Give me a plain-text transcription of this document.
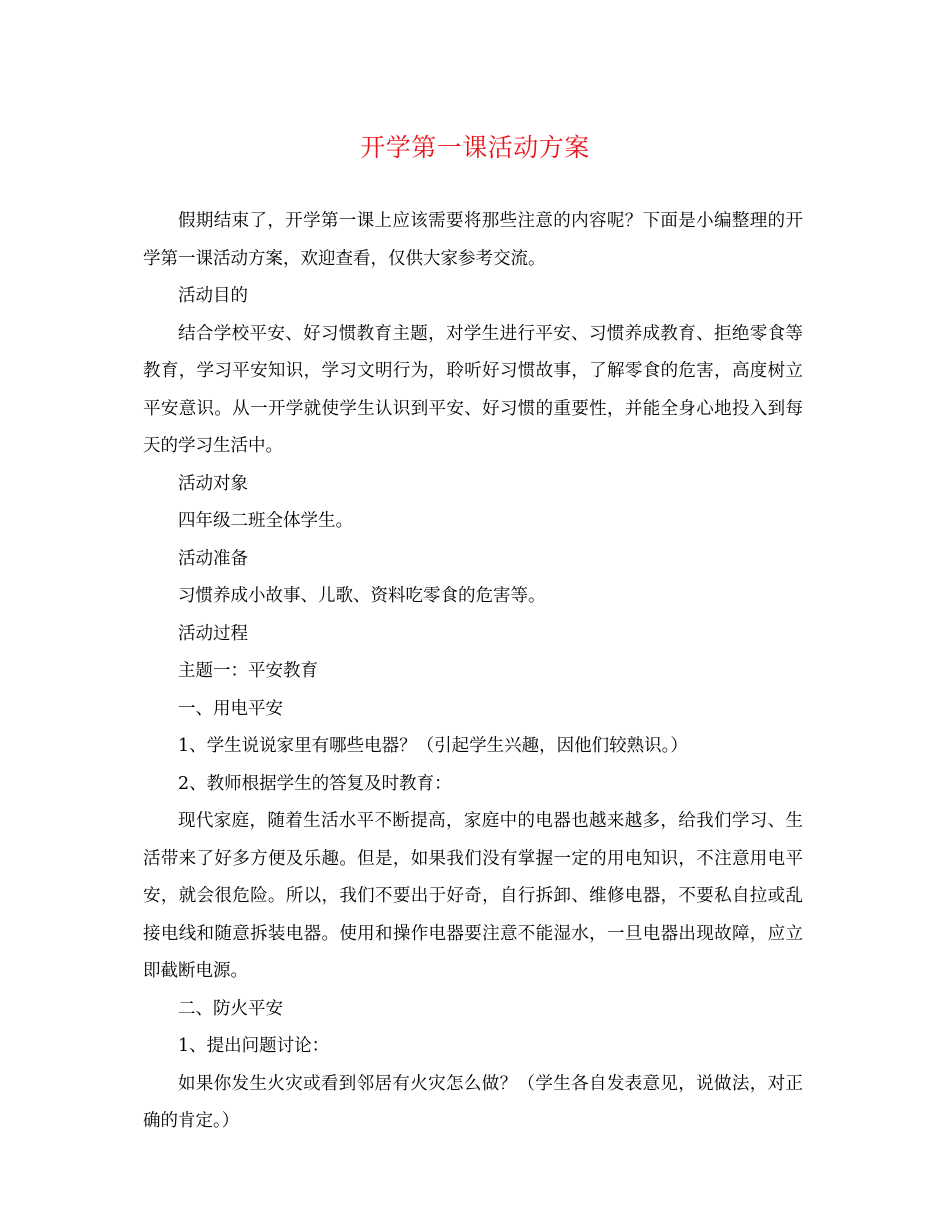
开学第一课活动方案

假期结束了，开学第一课上应该需要将那些注意的内容呢？下面是小编整理的开学第一课活动方案，欢迎查看，仅供大家参考交流。

活动目的

结合学校平安、好习惯教育主题，对学生进行平安、习惯养成教育、拒绝零食等教育，学习平安知识，学习文明行为，聆听好习惯故事，了解零食的危害，高度树立平安意识。从一开学就使学生认识到平安、好习惯的重要性，并能全身心地投入到每天的学习生活中。

活动对象

四年级二班全体学生。

活动准备

习惯养成小故事、儿歌、资料吃零食的危害等。

活动过程

主题一：平安教育

一、用电平安

1、学生说说家里有哪些电器？（引起学生兴趣，因他们较熟识。）

2、教师根据学生的答复及时教育：

现代家庭，随着生活水平不断提高，家庭中的电器也越来越多，给我们学习、生活带来了好多方便及乐趣。但是，如果我们没有掌握一定的用电知识，不注意用电平安，就会很危险。所以，我们不要出于好奇，自行拆卸、维修电器，不要私自拉或乱接电线和随意拆装电器。使用和操作电器要注意不能湿水，一旦电器出现故障，应立即截断电源。

二、防火平安

1、提出问题讨论：

如果你发生火灾或看到邻居有火灾怎么做？（学生各自发表意见，说做法，对正确的肯定。）
